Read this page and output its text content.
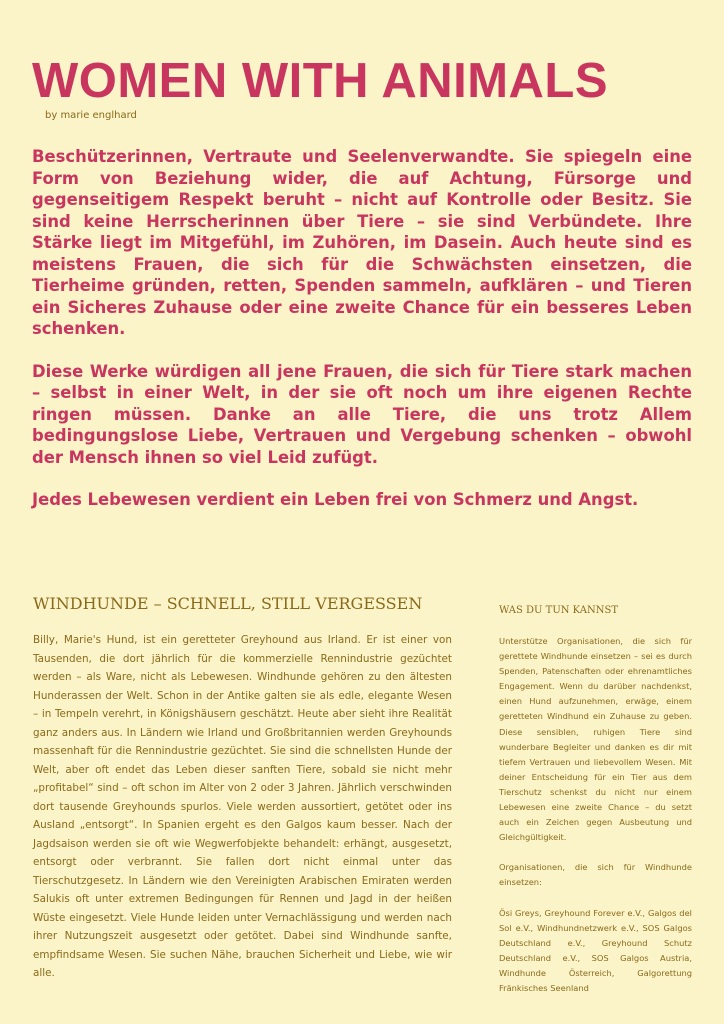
WOMEN WITH ANIMALS
by marie englhard

Beschützerinnen, Vertraute und Seelenverwandte. Sie spiegeln eine Form von Beziehung wider, die auf Achtung, Fürsorge und gegenseitigem Respekt beruht – nicht auf Kontrolle oder Besitz. Sie sind keine Herrscherinnen über Tiere – sie sind Verbündete. Ihre Stärke liegt im Mitgefühl, im Zuhören, im Dasein. Auch heute sind es meistens Frauen, die sich für die Schwächsten einsetzen, die Tierheime gründen, retten, Spenden sammeln, aufklären – und Tieren ein Sicheres Zuhause oder eine zweite Chance für ein besseres Leben schenken.

Diese Werke würdigen all jene Frauen, die sich für Tiere stark machen – selbst in einer Welt, in der sie oft noch um ihre eigenen Rechte ringen müssen. Danke an alle Tiere, die uns trotz Allem bedingungslose Liebe, Vertrauen und Vergebung schenken – obwohl der Mensch ihnen so viel Leid zufügt.

Jedes Lebewesen verdient ein Leben frei von Schmerz und Angst.

WINDHUNDE – SCHNELL, STILL VERGESSEN

Billy, Marie's Hund, ist ein geretteter Greyhound aus Irland. Er ist einer von Tausenden, die dort jährlich für die kommerzielle Rennindustrie gezüchtet werden – als Ware, nicht als Lebewesen. Windhunde gehören zu den ältesten Hunderassen der Welt. Schon in der Antike galten sie als edle, elegante Wesen – in Tempeln verehrt, in Königshäusern geschätzt. Heute aber sieht ihre Realität ganz anders aus. In Ländern wie Irland und Großbritannien werden Greyhounds massenhaft für die Rennindustrie gezüchtet. Sie sind die schnellsten Hunde der Welt, aber oft endet das Leben dieser sanften Tiere, sobald sie nicht mehr „profitabel“ sind – oft schon im Alter von 2 oder 3 Jahren. Jährlich verschwinden dort tausende Greyhounds spurlos. Viele werden aussortiert, getötet oder ins Ausland „entsorgt“. In Spanien ergeht es den Galgos kaum besser. Nach der Jagdsaison werden sie oft wie Wegwerfobjekte behandelt: erhängt, ausgesetzt, entsorgt oder verbrannt. Sie fallen dort nicht einmal unter das Tierschutzgesetz. In Ländern wie den Vereinigten Arabischen Emiraten werden Salukis oft unter extremen Bedingungen für Rennen und Jagd in der heißen Wüste eingesetzt. Viele Hunde leiden unter Vernachlässigung und werden nach ihrer Nutzungszeit ausgesetzt oder getötet. Dabei sind Windhunde sanfte, empfindsame Wesen. Sie suchen Nähe, brauchen Sicherheit und Liebe, wie wir alle.

WAS DU TUN KANNST

Unterstütze Organisationen, die sich für gerettete Windhunde einsetzen – sei es durch Spenden, Patenschaften oder ehrenamtliches Engagement. Wenn du darüber nachdenkst, einen Hund aufzunehmen, erwäge, einem geretteten Windhund ein Zuhause zu geben. Diese sensiblen, ruhigen Tiere sind wunderbare Begleiter und danken es dir mit tiefem Vertrauen und liebevollem Wesen. Mit deiner Entscheidung für ein Tier aus dem Tierschutz schenkst du nicht nur einem Lebewesen eine zweite Chance – du setzt auch ein Zeichen gegen Ausbeutung und Gleichgültigkeit.

Organisationen, die sich für Windhunde einsetzen:

Ösi Greys, Greyhound Forever e.V., Galgos del Sol e.V., Windhundnetzwerk e.V., SOS Galgos Deutschland e.V., Greyhound Schutz Deutschland e.V., SOS Galgos Austria, Windhunde Österreich, Galgorettung Fränkisches Seenland
